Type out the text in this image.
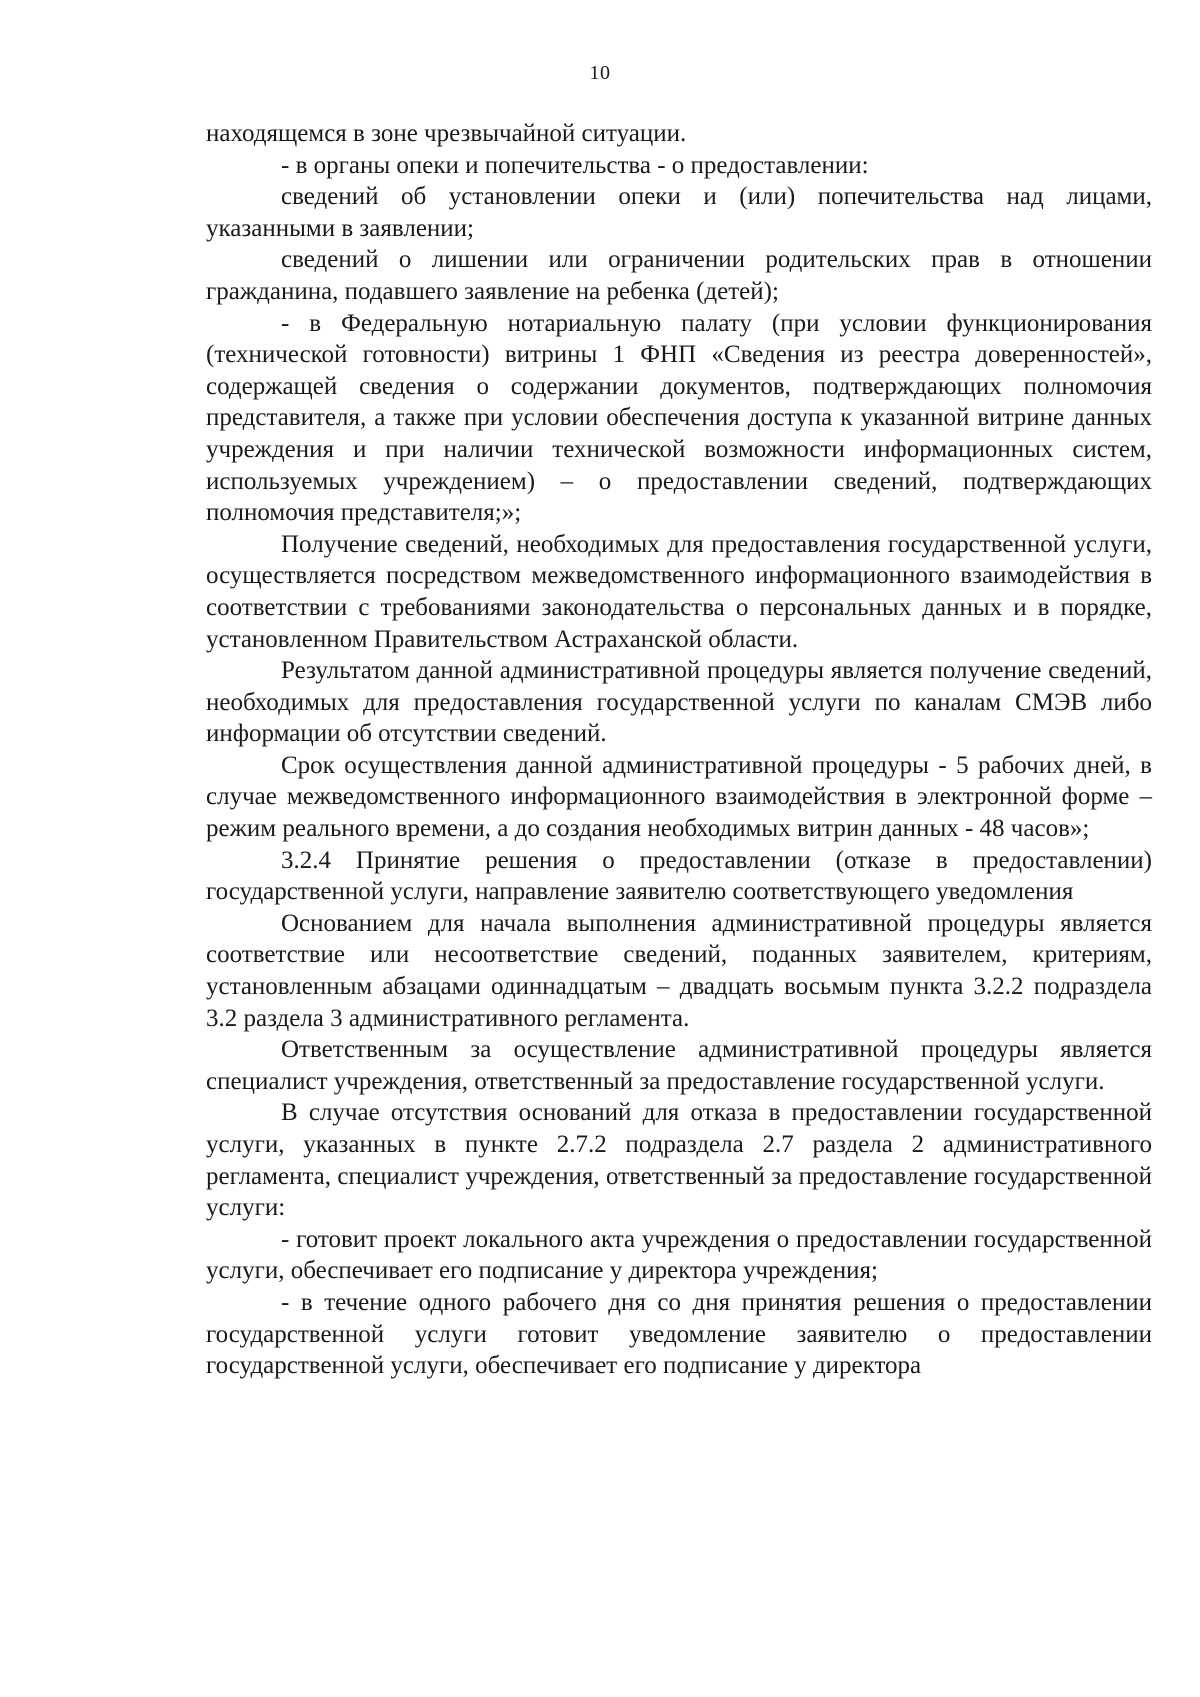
10

находящемся в зоне чрезвычайной ситуации.

- в органы опеки и попечительства - о предоставлении:

сведений об установлении опеки и (или) попечительства над лицами, указанными в заявлении;

сведений о лишении или ограничении родительских прав в отношении гражданина, подавшего заявление на ребенка (детей);

- в Федеральную нотариальную палату (при условии функционирования (технической готовности) витрины 1 ФНП «Сведения из реестра доверенностей», содержащей сведения о содержании документов, подтверждающих полномочия представителя, а также при условии обеспечения доступа к указанной витрине данных учреждения и при наличии технической возможности информационных систем, используемых учреждением) – о предоставлении сведений, подтверждающих полномочия представителя;»;

Получение сведений, необходимых для предоставления государственной услуги, осуществляется посредством межведомственного информационного взаимодействия в соответствии с требованиями законодательства о персональных данных и в порядке, установленном Правительством Астраханской области.

Результатом данной административной процедуры является получение сведений, необходимых для предоставления государственной услуги по каналам СМЭВ либо информации об отсутствии сведений.

Срок осуществления данной административной процедуры - 5 рабочих дней, в случае межведомственного информационного взаимодействия в электронной форме – режим реального времени, а до создания необходимых витрин данных - 48 часов»;

3.2.4 Принятие решения о предоставлении (отказе в предоставлении) государственной услуги, направление заявителю соответствующего уведомления

Основанием для начала выполнения административной процедуры является соответствие или несоответствие сведений, поданных заявителем, критериям, установленным абзацами одиннадцатым – двадцать восьмым пункта 3.2.2 подраздела 3.2 раздела 3 административного регламента.

Ответственным за осуществление административной процедуры является специалист учреждения, ответственный за предоставление государственной услуги.

В случае отсутствия оснований для отказа в предоставлении государственной услуги, указанных в пункте 2.7.2 подраздела 2.7 раздела 2 административного регламента, специалист учреждения, ответственный за предоставление государственной услуги:

- готовит проект локального акта учреждения о предоставлении государственной услуги, обеспечивает его подписание у директора учреждения;

- в течение одного рабочего дня со дня принятия решения о предоставлении государственной услуги готовит уведомление заявителю о предоставлении государственной услуги, обеспечивает его подписание у директора
